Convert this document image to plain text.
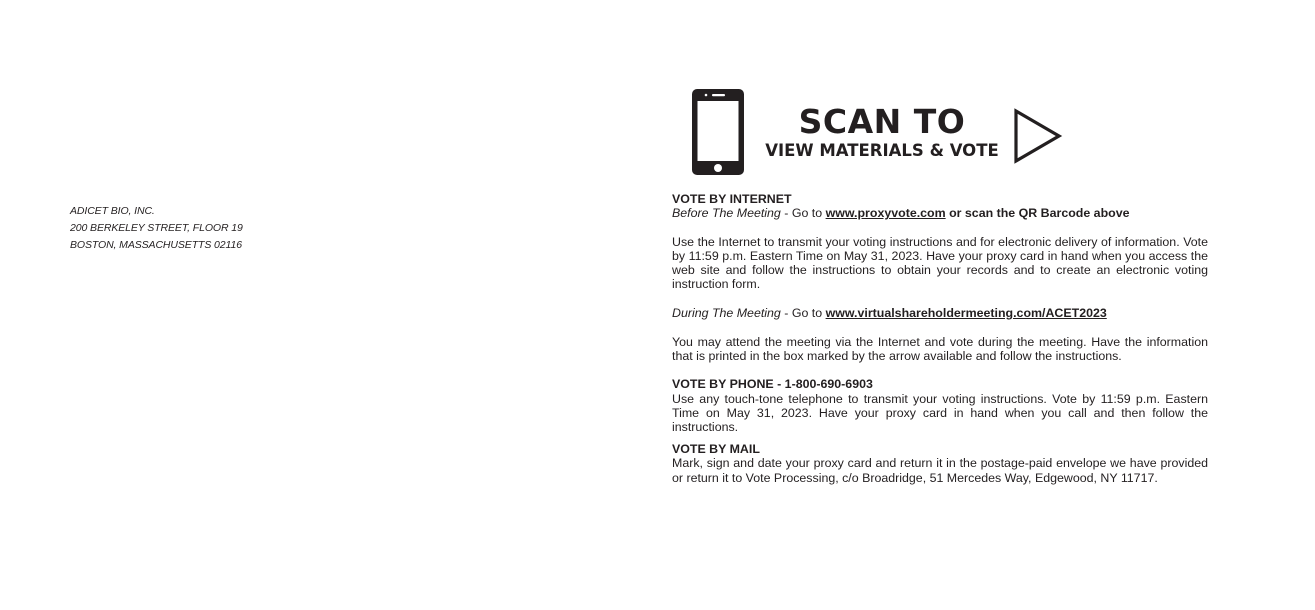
ADICET BIO, INC.
200 BERKELEY STREET, FLOOR 19
BOSTON, MASSACHUSETTS 02116
SCAN TO
VIEW MATERIALS & VOTE

VOTE BY INTERNET

Before The Meeting - Go to www.proxyvote.com or scan the QR Barcode above

Use the Internet to transmit your voting instructions and for electronic delivery of information. Vote by 11:59 p.m. Eastern Time on May 31, 2023. Have your proxy card in hand when you access the web site and follow the instructions to obtain your records and to create an electronic voting instruction form.

During The Meeting - Go to www.virtualshareholdermeeting.com/ACET2023

You may attend the meeting via the Internet and vote during the meeting. Have the information that is printed in the box marked by the arrow available and follow the instructions.

VOTE BY PHONE - 1-800-690-6903

Use any touch-tone telephone to transmit your voting instructions. Vote by 11:59 p.m. Eastern Time on May 31, 2023. Have your proxy card in hand when you call and then follow the instructions.

VOTE BY MAIL

Mark, sign and date your proxy card and return it in the postage-paid envelope we have provided or return it to Vote Processing, c/o Broadridge, 51 Mercedes Way, Edgewood, NY 11717.
